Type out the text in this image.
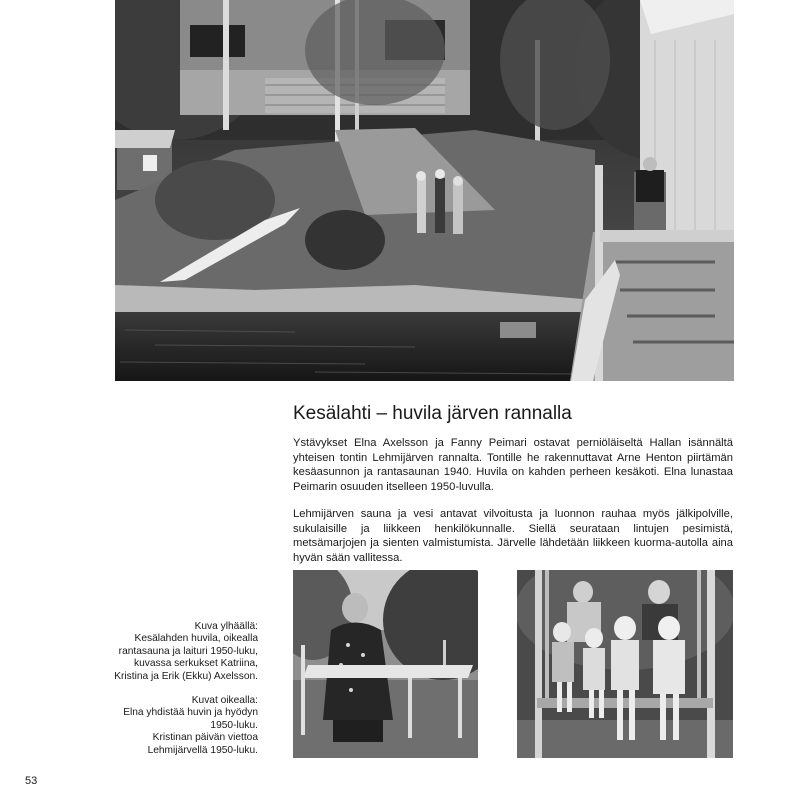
Kesälahti – huvila järven rannalla

Ystävykset Elna Axelsson ja Fanny Peimari ostavat perniöläiseltä Hallan isännältä yhteisen tontin Lehmijärven rannalta. Tontille he rakennuttavat Arne Henton piirtämän kesäasunnon ja rantasaunan 1940. Huvila on kahden perheen kesäkoti. Elna lunastaa Peimarin osuuden itselleen 1950-luvulla.

Lehmijärven sauna ja vesi antavat vilvoitusta ja luonnon rauhaa myös jälkipolville, sukulaisille ja liikkeen henkilökunnalle. Siellä seurataan lintujen pesimistä, metsämarjojen ja sienten valmistumista. Järvelle lähdetään liikkeen kuorma-autolla aina hyvän sään vallitessa.

Kuva ylhäällä:

Kesälahden huvila, oikealla

rantasauna ja laituri 1950-luku,

kuvassa serkukset Katriina,

Kristina ja Erik (Ekku) Axelsson.

Kuvat oikealla:

Elna yhdistää huvin ja hyödyn

1950-luku.

Kristinan päivän viettoa

Lehmijärvellä 1950-luku.

53
